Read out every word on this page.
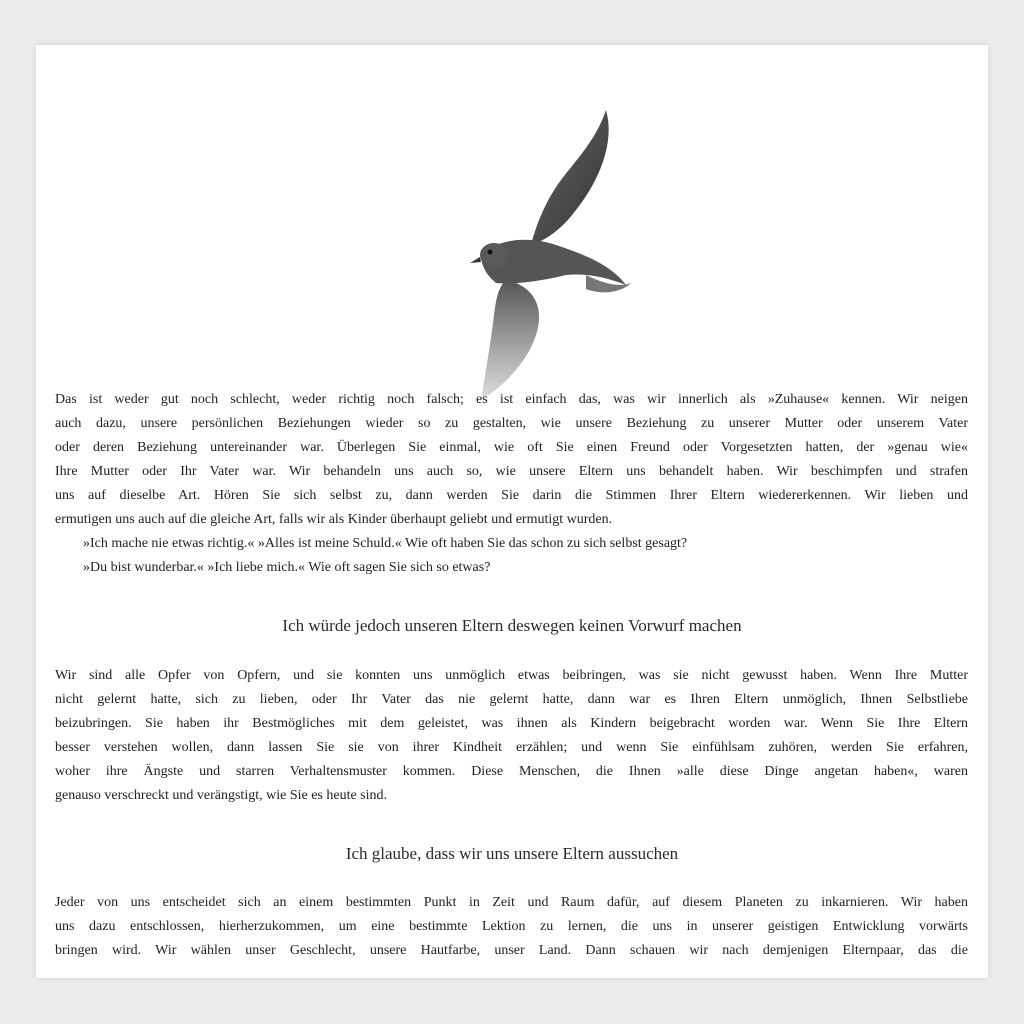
Das ist weder gut noch schlecht, weder richtig noch falsch; es ist einfach das, was wir innerlich als »Zuhause« kennen. Wir neigen
auch dazu, unsere persönlichen Beziehungen wieder so zu gestalten, wie unsere Beziehung zu unserer Mutter oder unserem Vater
oder deren Beziehung untereinander war. Überlegen Sie einmal, wie oft Sie einen Freund oder Vorgesetzten hatten, der »genau wie«
Ihre Mutter oder Ihr Vater war. Wir behandeln uns auch so, wie unsere Eltern uns behandelt haben. Wir beschimpfen und strafen
uns auf dieselbe Art. Hören Sie sich selbst zu, dann werden Sie darin die Stimmen Ihrer Eltern wiedererkennen. Wir lieben und
ermutigen uns auch auf die gleiche Art, falls wir als Kinder überhaupt geliebt und ermutigt wurden.
»Ich mache nie etwas richtig.« »Alles ist meine Schuld.« Wie oft haben Sie das schon zu sich selbst gesagt?
»Du bist wunderbar.« »Ich liebe mich.« Wie oft sagen Sie sich so etwas?
Ich würde jedoch unseren Eltern deswegen keinen Vorwurf machen
Wir sind alle Opfer von Opfern, und sie konnten uns unmöglich etwas beibringen, was sie nicht gewusst haben. Wenn Ihre Mutter
nicht gelernt hatte, sich zu lieben, oder Ihr Vater das nie gelernt hatte, dann war es Ihren Eltern unmöglich, Ihnen Selbstliebe
beizubringen. Sie haben ihr Bestmögliches mit dem geleistet, was ihnen als Kindern beigebracht worden war. Wenn Sie Ihre Eltern
besser verstehen wollen, dann lassen Sie sie von ihrer Kindheit erzählen; und wenn Sie einfühlsam zuhören, werden Sie erfahren,
woher ihre Ängste und starren Verhaltensmuster kommen. Diese Menschen, die Ihnen »alle diese Dinge angetan haben«, waren
genauso verschreckt und verängstigt, wie Sie es heute sind.
Ich glaube, dass wir uns unsere Eltern aussuchen
Jeder von uns entscheidet sich an einem bestimmten Punkt in Zeit und Raum dafür, auf diesem Planeten zu inkarnieren. Wir haben
uns dazu entschlossen, hierherzukommen, um eine bestimmte Lektion zu lernen, die uns in unserer geistigen Entwicklung vorwärts
bringen wird. Wir wählen unser Geschlecht, unsere Hautfarbe, unser Land. Dann schauen wir nach demjenigen Elternpaar, das die
